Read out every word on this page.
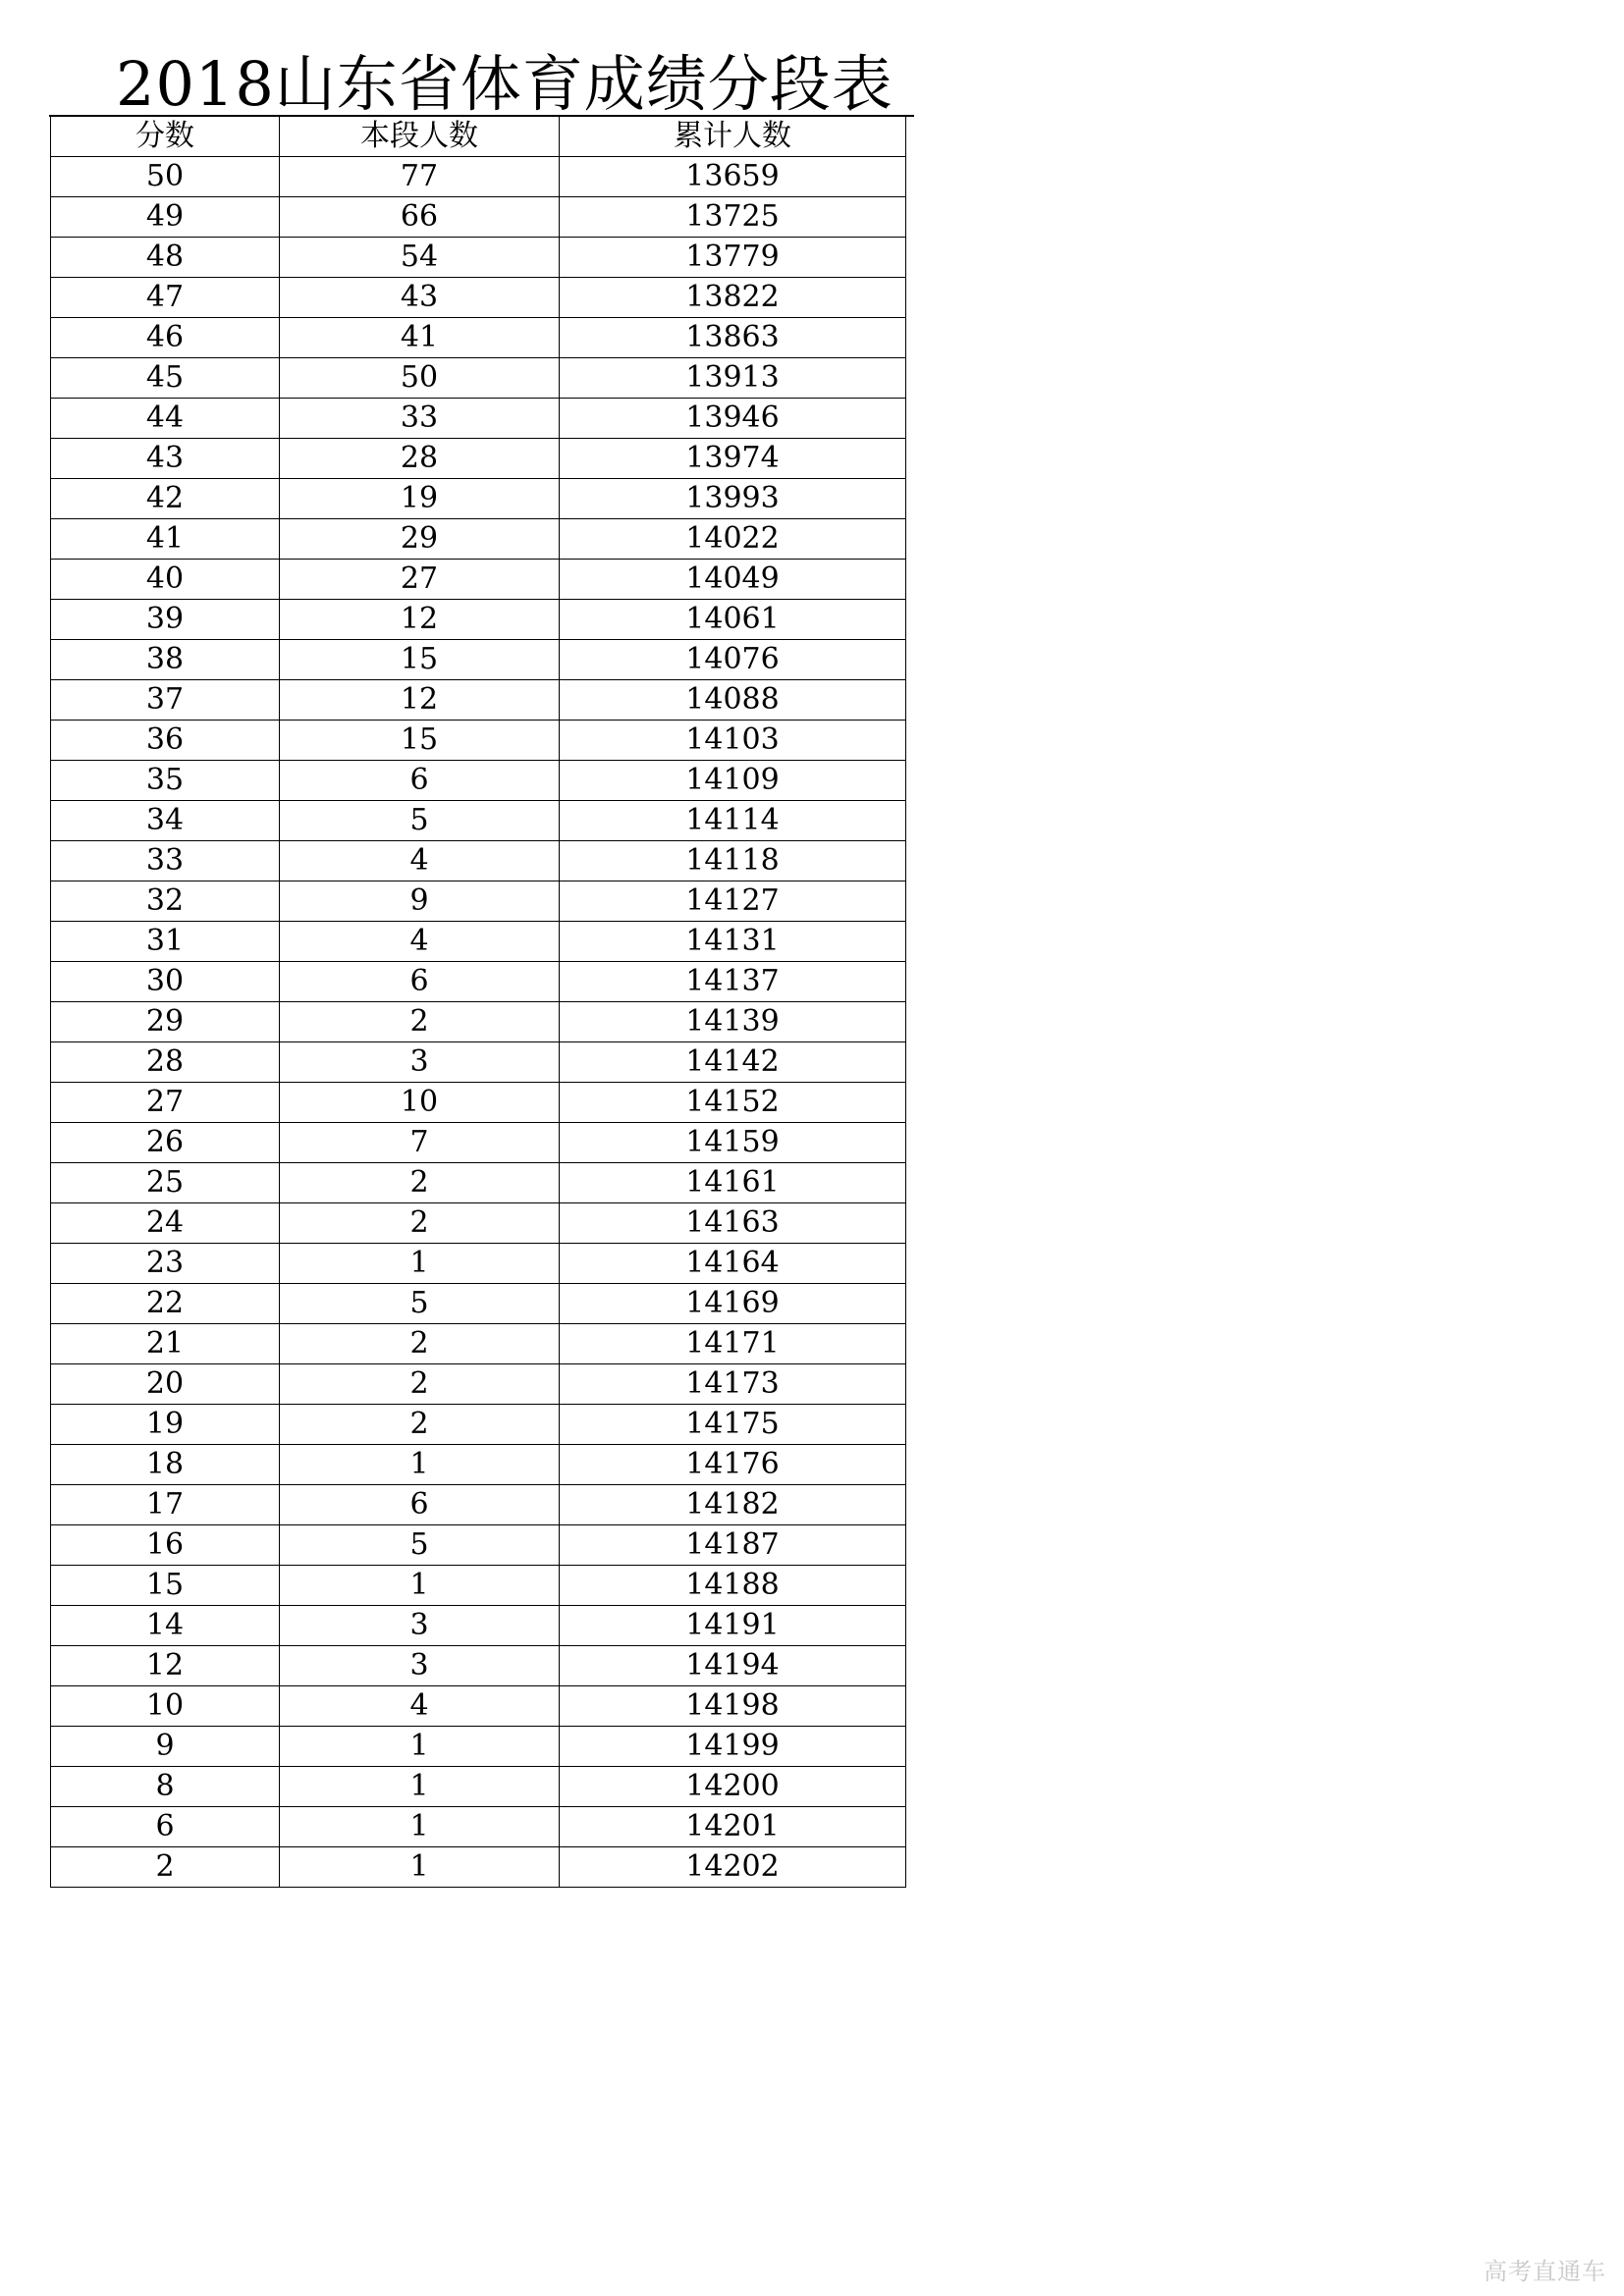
2018山东省体育成绩分段表
分数	本段人数	累计人数
50	77	13659
49	66	13725
48	54	13779
47	43	13822
46	41	13863
45	50	13913
44	33	13946
43	28	13974
42	19	13993
41	29	14022
40	27	14049
39	12	14061
38	15	14076
37	12	14088
36	15	14103
35	6	14109
34	5	14114
33	4	14118
32	9	14127
31	4	14131
30	6	14137
29	2	14139
28	3	14142
27	10	14152
26	7	14159
25	2	14161
24	2	14163
23	1	14164
22	5	14169
21	2	14171
20	2	14173
19	2	14175
18	1	14176
17	6	14182
16	5	14187
15	1	14188
14	3	14191
12	3	14194
10	4	14198
9	1	14199
8	1	14200
6	1	14201
2	1	14202
高考直通车
